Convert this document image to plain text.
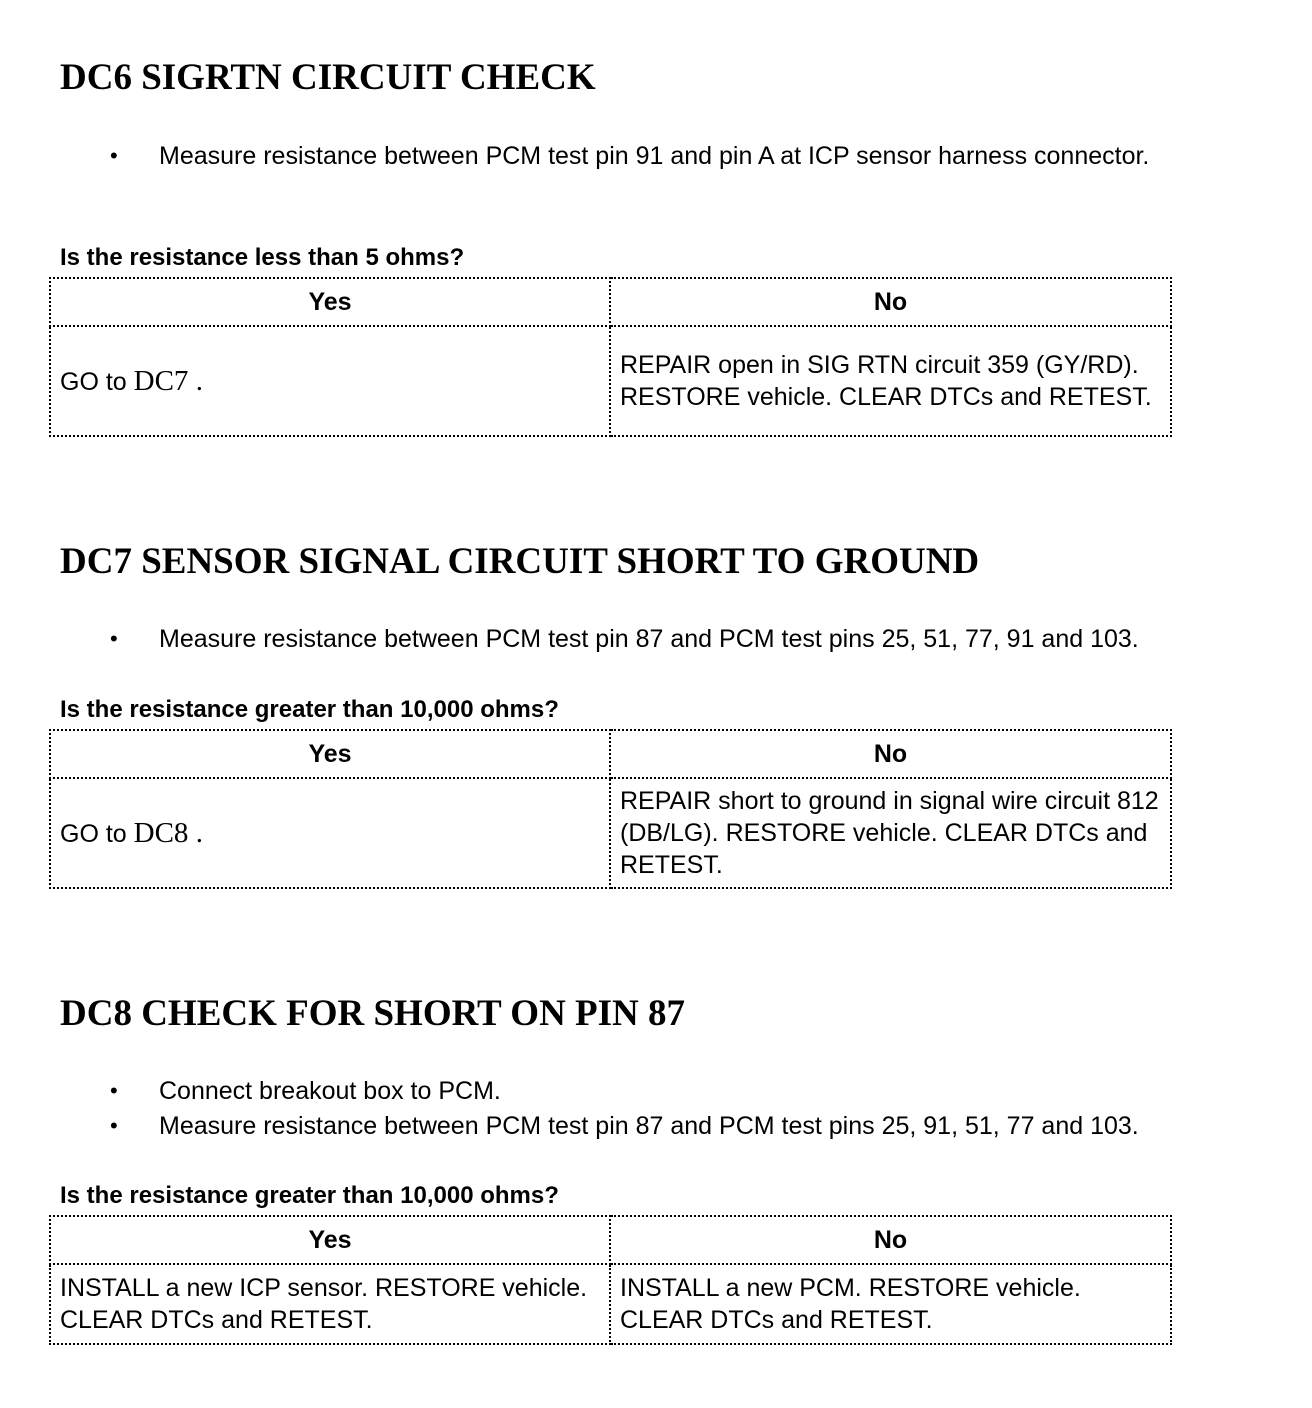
DC6 SIGRTN CIRCUIT CHECK
• Measure resistance between PCM test pin 91 and pin A at ICP sensor harness connector.

Is the resistance less than 5 ohms?

Yes	No
GO to DC7 .	REPAIR open in SIG RTN circuit 359 (GY/RD). RESTORE vehicle. CLEAR DTCs and RETEST.
DC7 SENSOR SIGNAL CIRCUIT SHORT TO GROUND
• Measure resistance between PCM test pin 87 and PCM test pins 25, 51, 77, 91 and 103.

Is the resistance greater than 10,000 ohms?

Yes	No
GO to DC8 .	REPAIR short to ground in signal wire circuit 812 (DB/LG). RESTORE vehicle. CLEAR DTCs and RETEST.
DC8 CHECK FOR SHORT ON PIN 87
• Connect breakout box to PCM.
• Measure resistance between PCM test pin 87 and PCM test pins 25, 91, 51, 77 and 103.

Is the resistance greater than 10,000 ohms?

Yes	No
INSTALL a new ICP sensor. RESTORE vehicle. CLEAR DTCs and RETEST.	INSTALL a new PCM. RESTORE vehicle. CLEAR DTCs and RETEST.
